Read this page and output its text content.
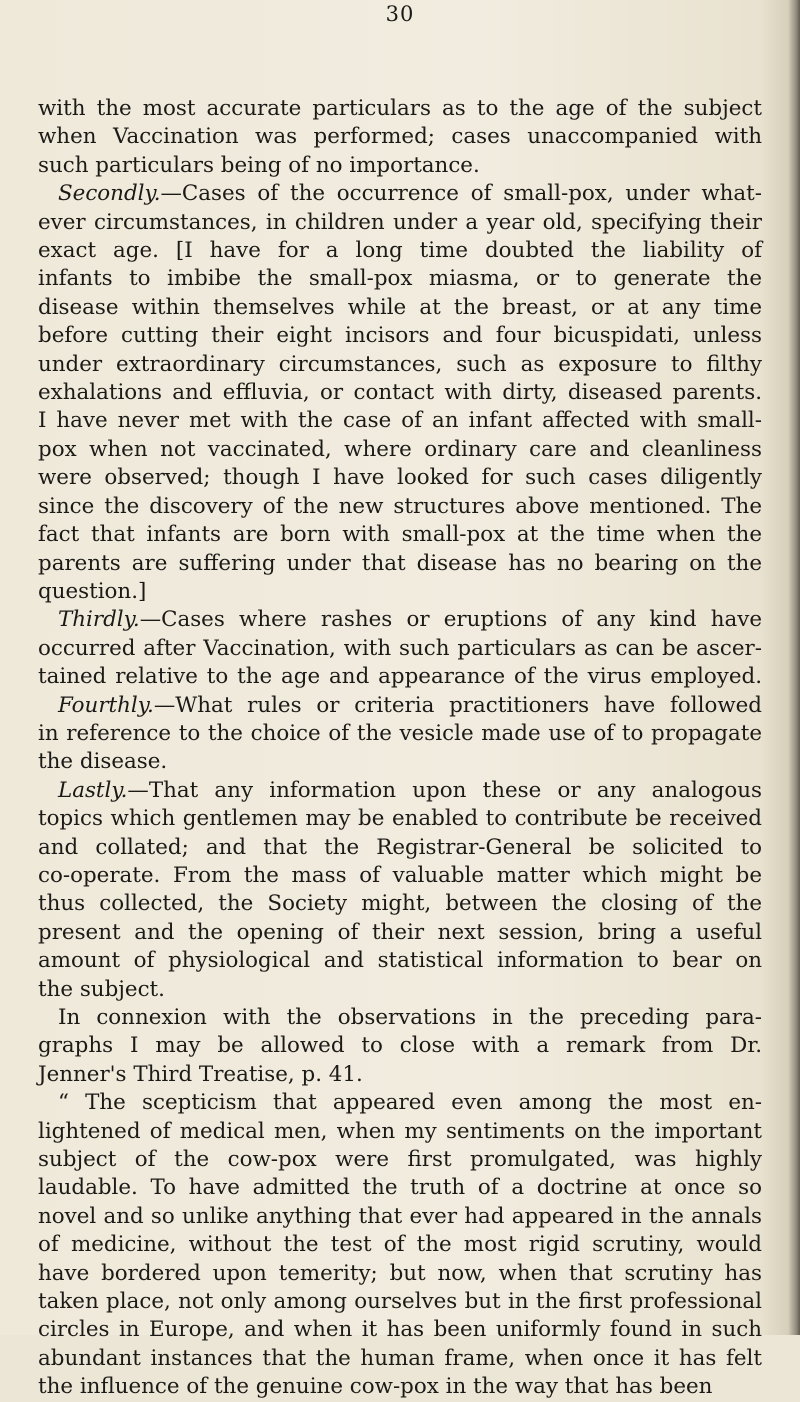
30
with the most accurate particulars as to the age of the subject
when Vaccination was performed; cases unaccompanied with
such particulars being of no importance.
Secondly.—Cases of the occurrence of small-pox, under what-
ever circumstances, in children under a year old, specifying their
exact age. [I have for a long time doubted the liability of
infants to imbibe the small-pox miasma, or to generate the
disease within themselves while at the breast, or at any time
before cutting their eight incisors and four bicuspidati, unless
under extraordinary circumstances, such as exposure to filthy
exhalations and effluvia, or contact with dirty, diseased parents.
I have never met with the case of an infant affected with small-
pox when not vaccinated, where ordinary care and cleanliness
were observed; though I have looked for such cases diligently
since the discovery of the new structures above mentioned. The
fact that infants are born with small-pox at the time when the
parents are suffering under that disease has no bearing on the
question.]
Thirdly.—Cases where rashes or eruptions of any kind have
occurred after Vaccination, with such particulars as can be ascer-
tained relative to the age and appearance of the virus employed.
Fourthly.—What rules or criteria practitioners have followed
in reference to the choice of the vesicle made use of to propagate
the disease.
Lastly.—That any information upon these or any analogous
topics which gentlemen may be enabled to contribute be received
and collated; and that the Registrar-General be solicited to
co-operate. From the mass of valuable matter which might be
thus collected, the Society might, between the closing of the
present and the opening of their next session, bring a useful
amount of physiological and statistical information to bear on
the subject.
In connexion with the observations in the preceding para-
graphs I may be allowed to close with a remark from Dr.
Jenner's Third Treatise, p. 41.
“ The scepticism that appeared even among the most en-
lightened of medical men, when my sentiments on the important
subject of the cow-pox were first promulgated, was highly
laudable. To have admitted the truth of a doctrine at once so
novel and so unlike anything that ever had appeared in the annals
of medicine, without the test of the most rigid scrutiny, would
have bordered upon temerity; but now, when that scrutiny has
taken place, not only among ourselves but in the first professional
circles in Europe, and when it has been uniformly found in such
abundant instances that the human frame, when once it has felt
the influence of the genuine cow-pox in the way that has been
